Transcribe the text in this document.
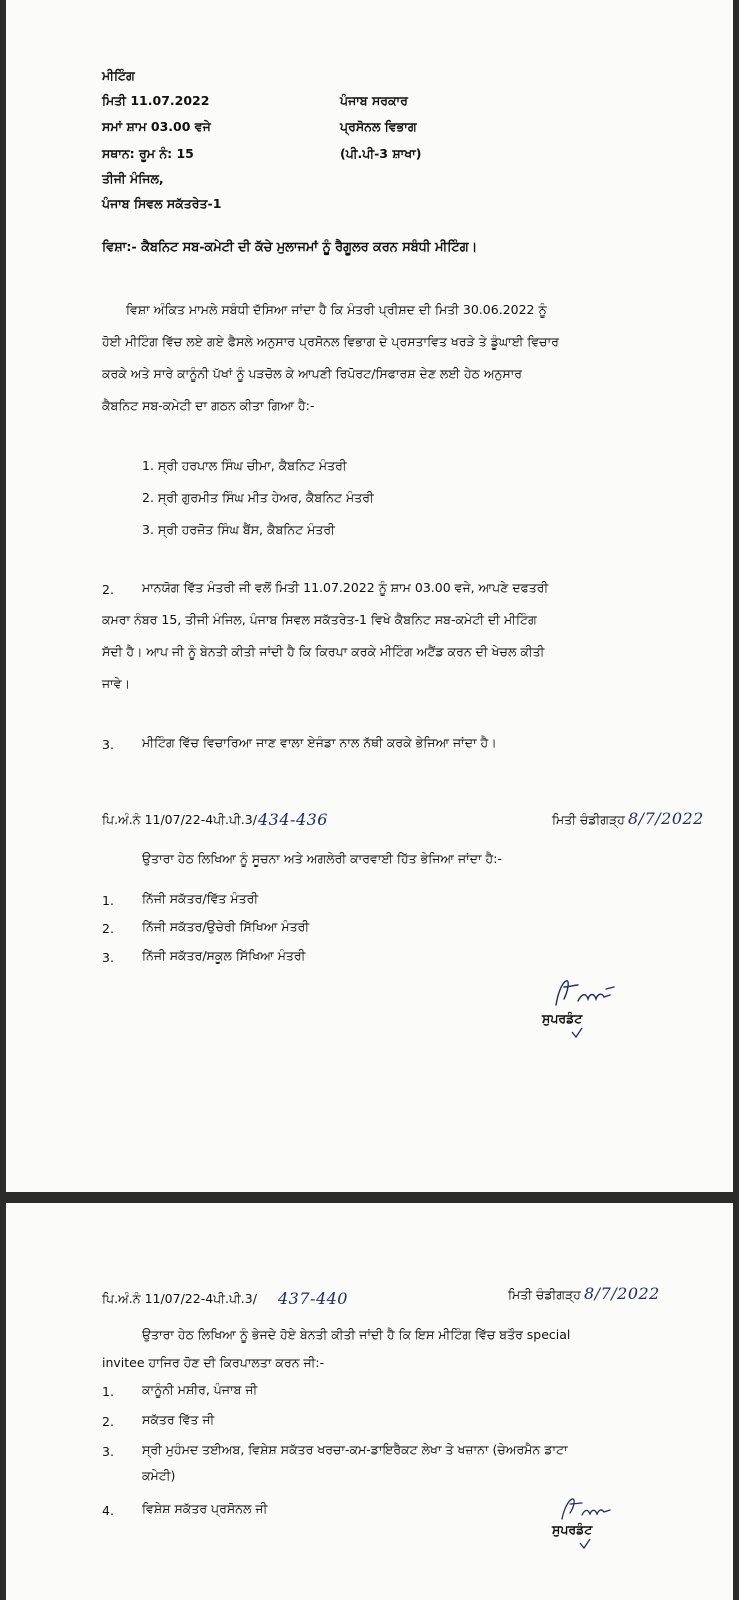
ਮੀਟਿੰਗ
ਮਿਤੀ 11.07.2022
ਸਮਾਂ ਸ਼ਾਮ 03.00 ਵਜੇ
ਸਥਾਨ: ਰੂਮ ਨੰ: 15
ਤੀਜੀ ਮੰਜਿਲ,
ਪੰਜਾਬ ਸਿਵਲ ਸਕੱਤਰੇਤ-1
ਪੰਜਾਬ ਸਰਕਾਰ
ਪ੍ਰਸੋਨਲ ਵਿਭਾਗ
(ਪੀ.ਪੀ-3 ਸ਼ਾਖਾ)
ਵਿਸ਼ਾ:- ਕੈਬਨਿਟ ਸਬ-ਕਮੇਟੀ ਦੀ ਕੱਚੇ ਮੁਲਾਜਮਾਂ ਨੂੰ ਰੈਗੂਲਰ ਕਰਨ ਸਬੰਧੀ ਮੀਟਿੰਗ।
ਵਿਸ਼ਾ ਅੰਕਿਤ ਮਾਮਲੇ ਸਬੰਧੀ ਦੱਸਿਆ ਜਾਂਦਾ ਹੈ ਕਿ ਮੰਤਰੀ ਪ੍ਰੀਸ਼ਦ ਦੀ ਮਿਤੀ 30.06.2022 ਨੂੰ
ਹੋਈ ਮੀਟਿੰਗ ਵਿੱਚ ਲਏ ਗਏ ਫੈਸਲੇ ਅਨੁਸਾਰ ਪ੍ਰਸੋਨਲ ਵਿਭਾਗ ਦੇ ਪ੍ਰਸਤਾਵਿਤ ਖਰੜੇ ਤੇ ਡੂੰਘਾਈ ਵਿਚਾਰ
ਕਰਕੇ ਅਤੇ ਸਾਰੇ ਕਾਨੂੰਨੀ ਪੱਖਾਂ ਨੂੰ ਪੜਚੋਲ ਕੇ ਆਪਣੀ ਰਿਪੋਰਟ/ਸਿਫਾਰਸ਼ ਦੇਣ ਲਈ ਹੇਠ ਅਨੁਸਾਰ
ਕੈਬਨਿਟ ਸਬ-ਕਮੇਟੀ ਦਾ ਗਠਨ ਕੀਤਾ ਗਿਆ ਹੈ:-
1. ਸ੍ਰੀ ਹਰਪਾਲ ਸਿੰਘ ਚੀਮਾ, ਕੈਬਨਿਟ ਮੰਤਰੀ
2. ਸ੍ਰੀ ਗੁਰਮੀਤ ਸਿੰਘ ਮੀਤ ਹੇਅਰ, ਕੈਬਨਿਟ ਮੰਤਰੀ
3. ਸ੍ਰੀ ਹਰਜੋਤ ਸਿੰਘ ਬੈਂਸ, ਕੈਬਨਿਟ ਮੰਤਰੀ
2. ਮਾਨਯੋਗ ਵਿੱਤ ਮੰਤਰੀ ਜੀ ਵਲੋਂ ਮਿਤੀ 11.07.2022 ਨੂੰ ਸ਼ਾਮ 03.00 ਵਜੇ, ਆਪਣੇ ਦਫਤਰੀ
ਕਮਰਾ ਨੰਬਰ 15, ਤੀਜੀ ਮੰਜਿਲ, ਪੰਜਾਬ ਸਿਵਲ ਸਕੱਤਰੇਤ-1 ਵਿਖੇ ਕੈਬਨਿਟ ਸਬ-ਕਮੇਟੀ ਦੀ ਮੀਟਿੰਗ
ਸੱਦੀ ਹੈ। ਆਪ ਜੀ ਨੂੰ ਬੇਨਤੀ ਕੀਤੀ ਜਾਂਦੀ ਹੈ ਕਿ ਕਿਰਪਾ ਕਰਕੇ ਮੀਟਿੰਗ ਅਟੈਂਡ ਕਰਨ ਦੀ ਖੇਚਲ ਕੀਤੀ
ਜਾਵੇ।
3. ਮੀਟਿੰਗ ਵਿੱਚ ਵਿਚਾਰਿਆ ਜਾਣ ਵਾਲਾ ਏਜੰਡਾ ਨਾਲ ਨੱਥੀ ਕਰਕੇ ਭੇਜਿਆ ਜਾਂਦਾ ਹੈ।
ਪਿ.ਅੰ.ਨੰ 11/07/22-4ਪੀ.ਪੀ.3/ 434-436	ਮਿਤੀ ਚੰਡੀਗੜ੍ਹ 8/7/2022
ਉਤਾਰਾ ਹੇਠ ਲਿਖਿਆ ਨੂੰ ਸੂਚਨਾ ਅਤੇ ਅਗਲੇਰੀ ਕਾਰਵਾਈ ਹਿੱਤ ਭੇਜਿਆ ਜਾਂਦਾ ਹੈ:-
1. ਨਿੱਜੀ ਸਕੱਤਰ/ਵਿੱਤ ਮੰਤਰੀ
2. ਨਿੱਜੀ ਸਕੱਤਰ/ਉਚੇਰੀ ਸਿੱਖਿਆ ਮੰਤਰੀ
3. ਨਿੱਜੀ ਸਕੱਤਰ/ਸਕੂਲ ਸਿੱਖਿਆ ਮੰਤਰੀ
ਸੁਪਰਡੰਟ
ਪਿ.ਅੰ.ਨੰ 11/07/22-4ਪੀ.ਪੀ.3/ 437-440	ਮਿਤੀ ਚੰਡੀਗੜ੍ਹ 8/7/2022
ਉਤਾਰਾ ਹੇਠ ਲਿਖਿਆ ਨੂੰ ਭੇਜਦੇ ਹੋਏ ਬੇਨਤੀ ਕੀਤੀ ਜਾਂਦੀ ਹੈ ਕਿ ਇਸ ਮੀਟਿੰਗ ਵਿੱਚ ਬਤੌਰ special
invitee ਹਾਜਿਰ ਹੋਣ ਦੀ ਕਿਰਪਾਲਤਾ ਕਰਨ ਜੀ:-
1. ਕਾਨੂੰਨੀ ਮਸ਼ੀਰ, ਪੰਜਾਬ ਜੀ
2. ਸਕੱਤਰ ਵਿੱਤ ਜੀ
3. ਸ੍ਰੀ ਮੁਹੰਮਦ ਤਈਅਬ, ਵਿਸ਼ੇਸ਼ ਸਕੱਤਰ ਖਰਚਾ-ਕਮ-ਡਾਇਰੈਕਟ ਲੇਖਾ ਤੇ ਖਜ਼ਾਨਾ (ਚੇਅਰਮੈਨ ਡਾਟਾ
ਕਮੇਟੀ)
4. ਵਿਸ਼ੇਸ਼ ਸਕੱਤਰ ਪ੍ਰਸੋਨਲ ਜੀ
ਸੁਪਰਡੰਟ
